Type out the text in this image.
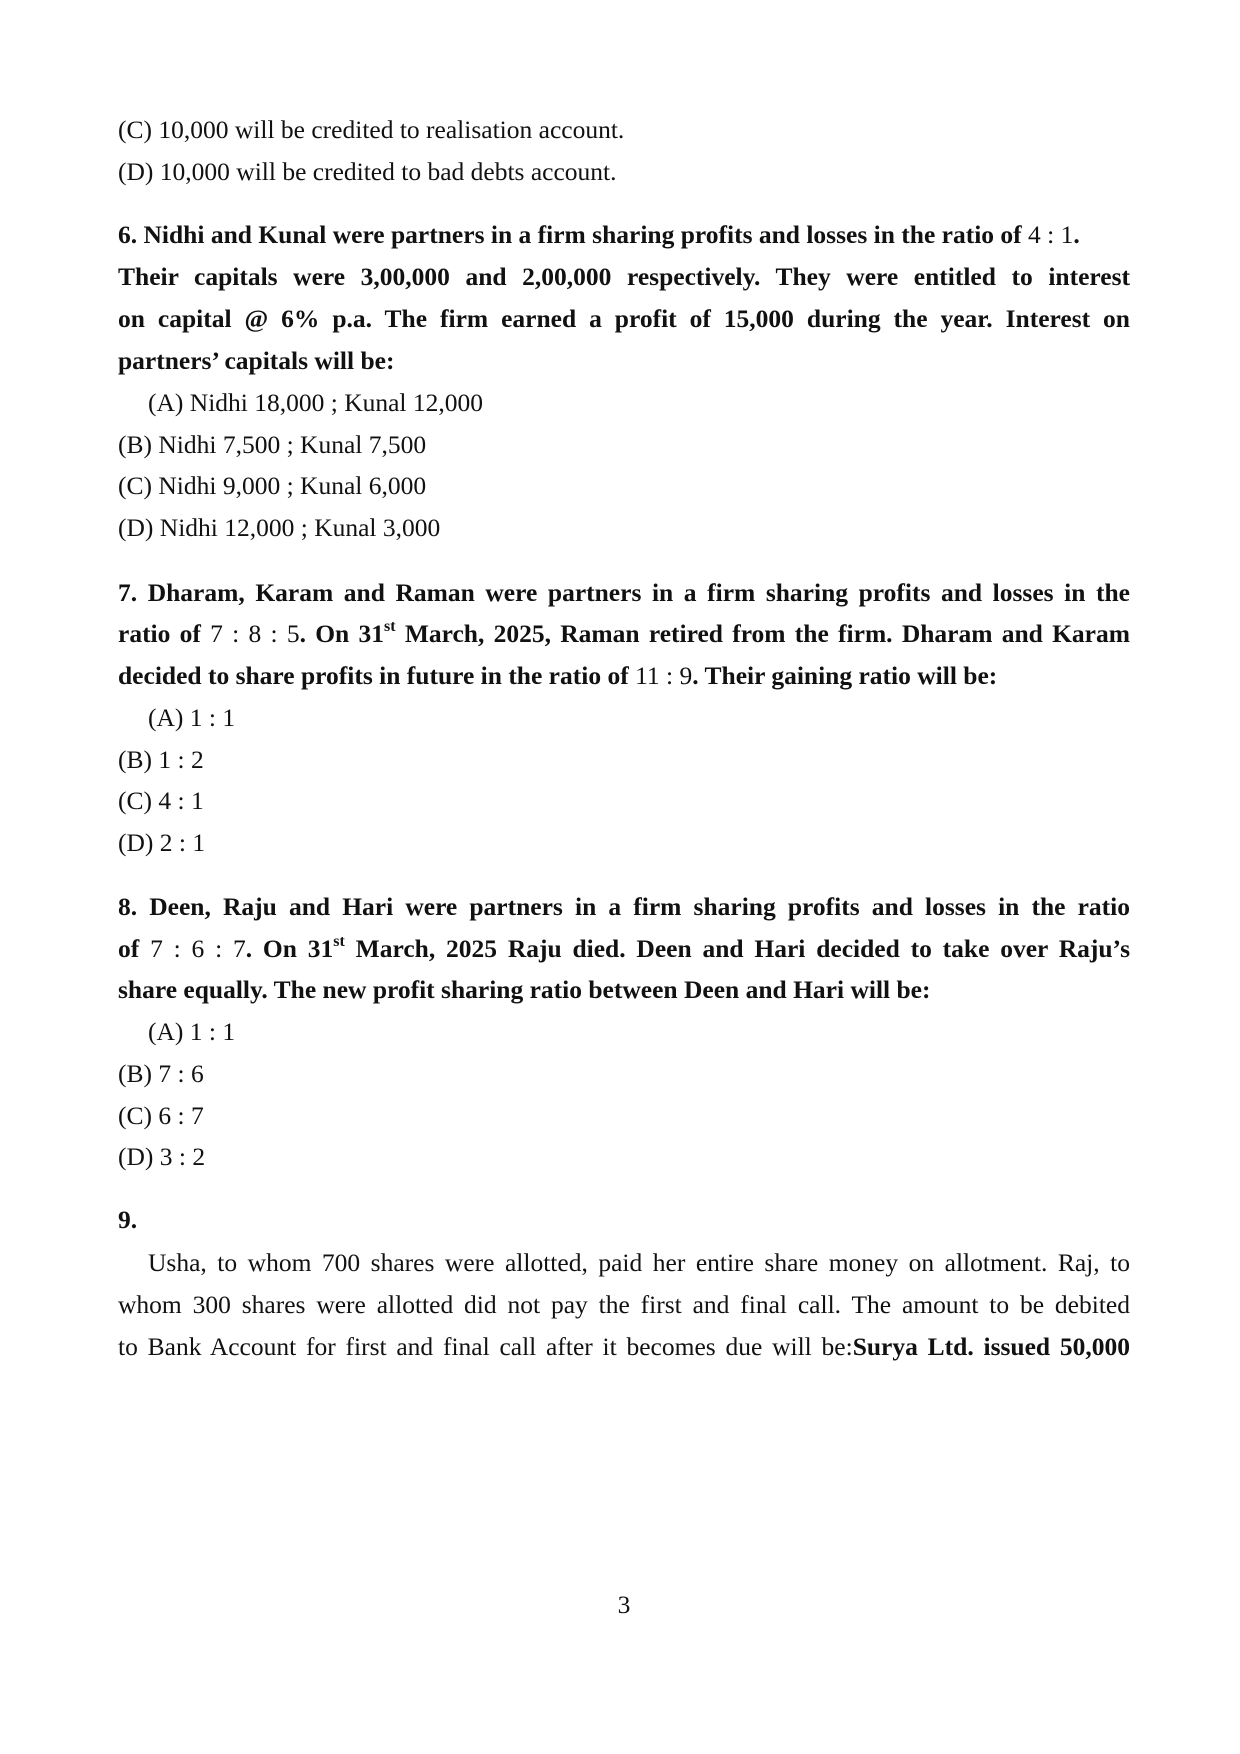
(C) 10,000 will be credited to realisation account.
(D) 10,000 will be credited to bad debts account.
6. Nidhi and Kunal were partners in a firm sharing profits and losses in the ratio of 4 : 1.
Their capitals were 3,00,000 and 2,00,000 respectively. They were entitled to interest
on capital @ 6% p.a. The firm earned a profit of 15,000 during the year. Interest on
partners’ capitals will be:
(A) Nidhi 18,000 ; Kunal 12,000
(B) Nidhi 7,500 ; Kunal 7,500
(C) Nidhi 9,000 ; Kunal 6,000
(D) Nidhi 12,000 ; Kunal 3,000
7. Dharam, Karam and Raman were partners in a firm sharing profits and losses in the
ratio of 7 : 8 : 5. On 31st March, 2025, Raman retired from the firm. Dharam and Karam
decided to share profits in future in the ratio of 11 : 9. Their gaining ratio will be:
(A) 1 : 1
(B) 1 : 2
(C) 4 : 1
(D) 2 : 1
8. Deen, Raju and Hari were partners in a firm sharing profits and losses in the ratio
of 7 : 6 : 7. On 31st March, 2025 Raju died. Deen and Hari decided to take over Raju’s
share equally. The new profit sharing ratio between Deen and Hari will be:
(A) 1 : 1
(B) 7 : 6
(C) 6 : 7
(D) 3 : 2
9.
Usha, to whom 700 shares were allotted, paid her entire share money on allotment. Raj, to
whom 300 shares were allotted did not pay the first and final call. The amount to be debited
to Bank Account for first and final call after it becomes due will be:Surya Ltd. issued 50,000
3
